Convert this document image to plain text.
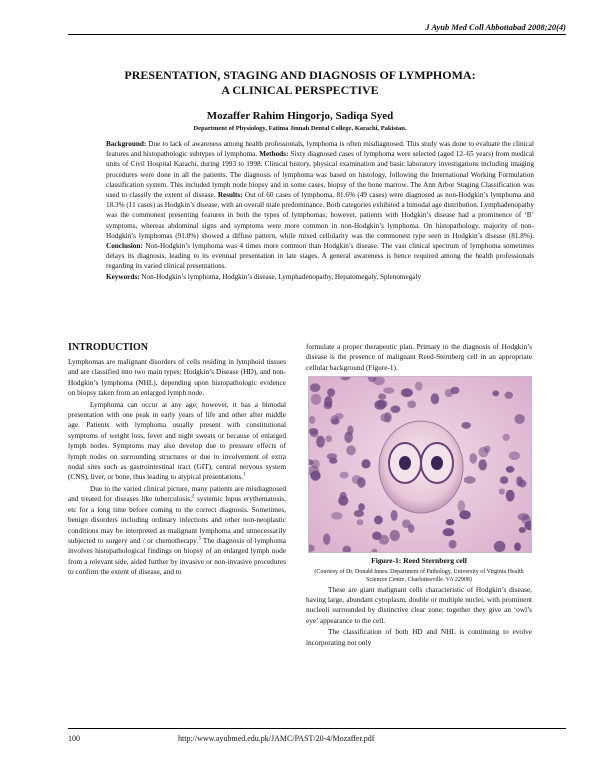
J Ayub Med Coll Abbottabad 2008;20(4)
PRESENTATION, STAGING AND DIAGNOSIS OF LYMPHOMA:
A CLINICAL PERSPECTIVE

Mozaffer Rahim Hingorjo, Sadiqa Syed

Department of Physiology, Fatima Jinnah Dental College, Karachi, Pakistan.

Background: Due to lack of awareness among health professionals, lymphoma is often misdiagnosed. This study was done to evaluate the clinical features and histopathologic subtypes of lymphoma. Methods: Sixty diagnosed cases of lymphoma were selected (aged 12–65 years) from medical units of Civil Hospital Karachi, during 1993 to 1998. Clinical history, physical examination and basic laboratory investigations including imaging procedures were done in all the patients. The diagnosis of lymphoma was based on histology, following the International Working Formulation classification system. This included lymph node biopsy and in some cases, biopsy of the bone marrow. The Ann Arbor Staging Classification was used to classify the extent of disease. Results: Out of 60 cases of lymphoma, 81.6% (49 cases) were diagnosed as non-Hodgkin’s lymphoma and 18.3% (11 cases) as Hodgkin’s disease, with an overall male predominance. Both categories exhibited a bimodal age distribution. Lymphadenopathy was the commonest presenting features in both the types of lymphomas; however, patients with Hodgkin’s disease had a prominence of ‘B’ symptoms, whereas abdominal signs and symptoms were more common in non-Hodgkin’s lymphoma. On histopathology, majority of non-Hodgkin’s lymphomas (91.8%) showed a diffuse pattern, while mixed cellularity was the commonest type seen in Hodgkin’s disease (81.8%). Conclusion: Non-Hodgkin’s lymphoma was 4 times more common than Hodgkin’s disease. The vast clinical spectrum of lymphoma sometimes delays its diagnosis, leading to its eventual presentation in late stages. A general awareness is hence required among the health professionals regarding its varied clinical presentations.

Keywords: Non-Hodgkin’s lymphoma, Hodgkin’s disease, Lymphadenopathy, Hepatomegaly, Splenomegaly

INTRODUCTION

Lymphomas are malignant disorders of cells residing in lymphoid tissues and are classified into two main types; Hodgkin’s Disease (HD), and non-Hodgkin’s lymphoma (NHL), depending upon histopathologic evidence on biopsy taken from an enlarged lymph node.

Lymphoma can occur at any age; however, it has a bimodal presentation with one peak in early years of life and other after middle age. Patients with lymphoma usually present with constitutional symptoms of weight loss, fever and night sweats or because of enlarged lymph nodes. Symptoms may also develop due to pressure effects of lymph nodes on surrounding structures or due to involvement of extra nodal sites such as gastrointestinal tract (GIT), central nervous system (CNS), liver, or bone, thus leading to atypical presentations.$^1$

Due to the varied clinical picture, many patients are misdiagnosed and treated for diseases like tuberculosis,$^2$ systemic lupus erythematosis, etc for a long time before coming to the correct diagnosis. Sometimes, benign disorders including ordinary infections and other non-neoplastic conditions may be interpreted as malignant lymphoma and unnecessarily subjected to surgery and / or chemotherapy.$^3$ The diagnosis of lymphoma involves histopathological findings on biopsy of an enlarged lymph node from a relevant side, aided further by invasive or non-invasive procedures to confirm the extent of disease, and to

formulate a proper therapeutic plan. Primary to the diagnosis of Hodgkin’s disease is the presence of malignant Reed-Sternberg cell in an appropriate cellular background (Figure-1).

Figure-1: Reed Sternberg cell

(Courtesy of Dr. Donald Innes. Department of Pathology, University of Virginia Health Sciences Centre, Charlottesville. VA 22908)

These are giant malignant cells characteristic of Hodgkin’s disease, having large, abundant cytoplasm, double or multiple nuclei, with prominent nucleoli surrounded by distinctive clear zone; together they give an ‘owl’s eye’ appearance to the cell.

The classification of both HD and NHL is continuing to evolve incorporating not only

100	http://www.ayubmed.edu.pk/JAMC/PAST/20-4/Mozaffer.pdf
